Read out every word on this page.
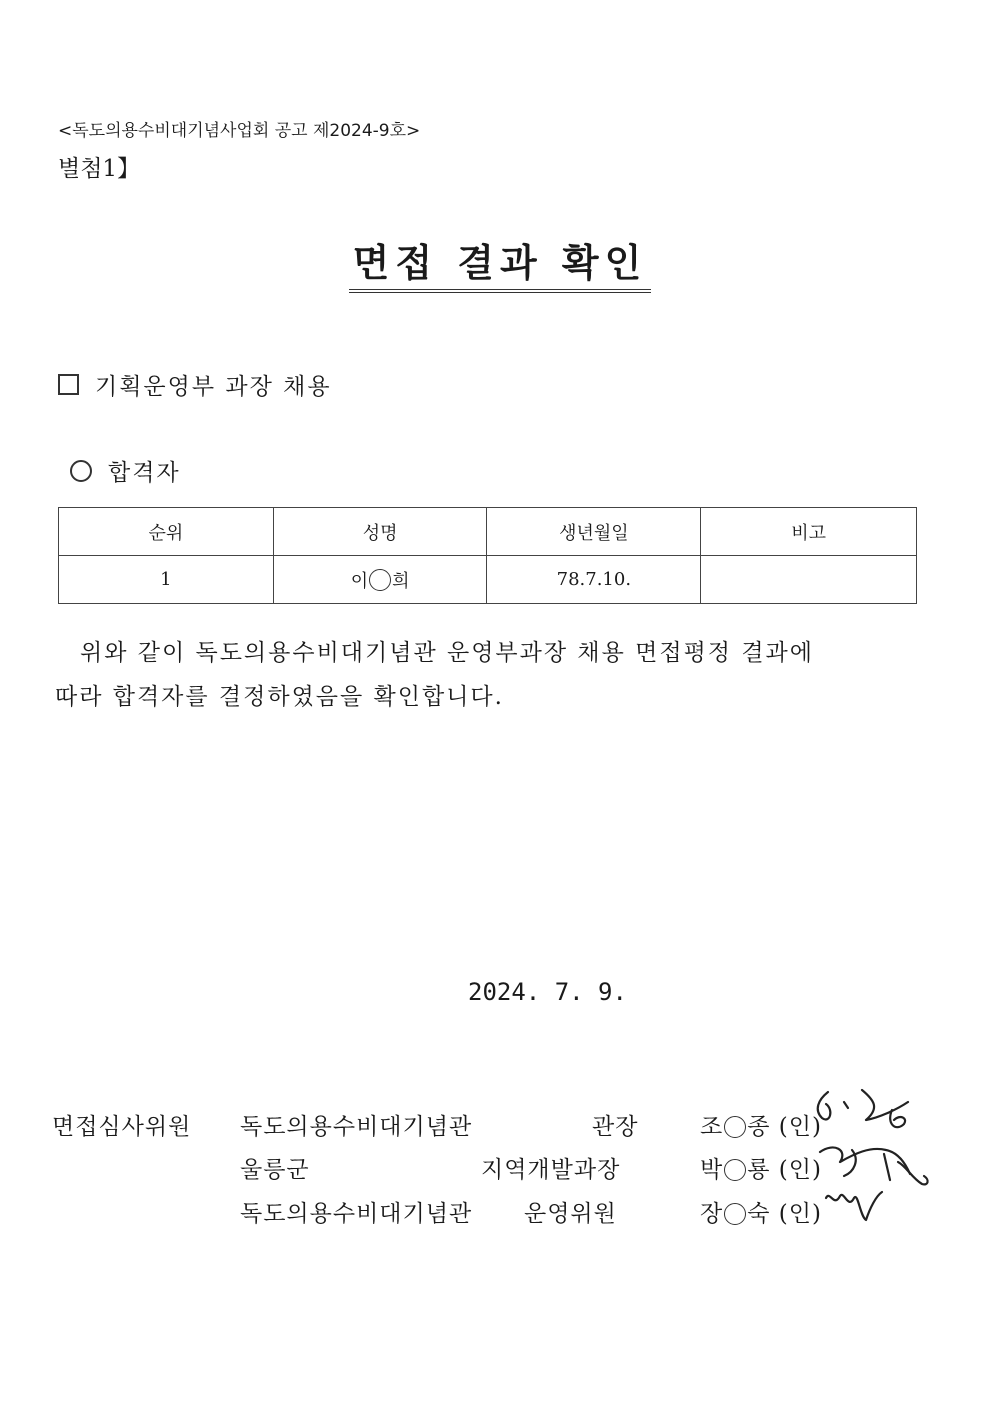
<독도의용수비대기념사업회 공고 제2024-9호>
별첨1】
면접 결과 확인
기획운영부 과장 채용
합격자
순위	성명	생년월일	비고
1	이 희	78.7.10.	
위와 같이 독도의용수비대기념관 운영부과장 채용 면접평정 결과에
따라 합격자를 결정하였음을 확인합니다.
2024. 7. 9.
면접심사위원 독도의용수비대기념관	관장	조 종 (인)
울릉군	지역개발과장	박 룡 (인)
독도의용수비대기념관 운영위원	장 숙 (인)
